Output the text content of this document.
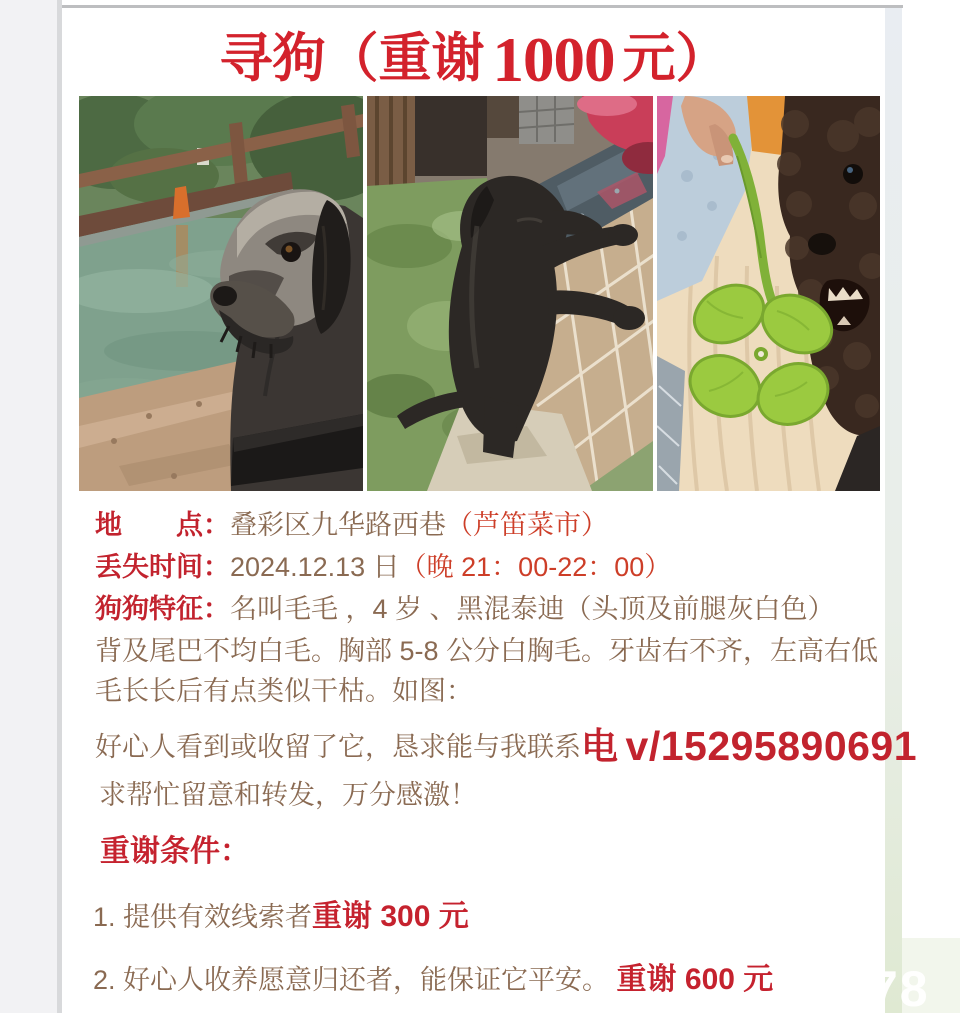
78
寻狗（重谢 1000 元）
地　　点：叠彩区九华路西巷（芦笛菜市）
丢失时间：2024.12.13 日（晚 21：00-22：00）
狗狗特征：名叫毛毛 ，4 岁 、黑混泰迪（头顶及前腿灰白色）
背及尾巴不均白毛。胸部 5-8 公分白胸毛。牙齿右不齐，左高右低
毛长长后有点类似干枯。如图：
好心人看到或收留了它，恳求能与我联系电 v/15295890691
求帮忙留意和转发，万分感激！
重谢条件：
1. 提供有效线索者重谢 300 元
2. 好心人收养愿意归还者，能保证它平安。 重谢 600 元
